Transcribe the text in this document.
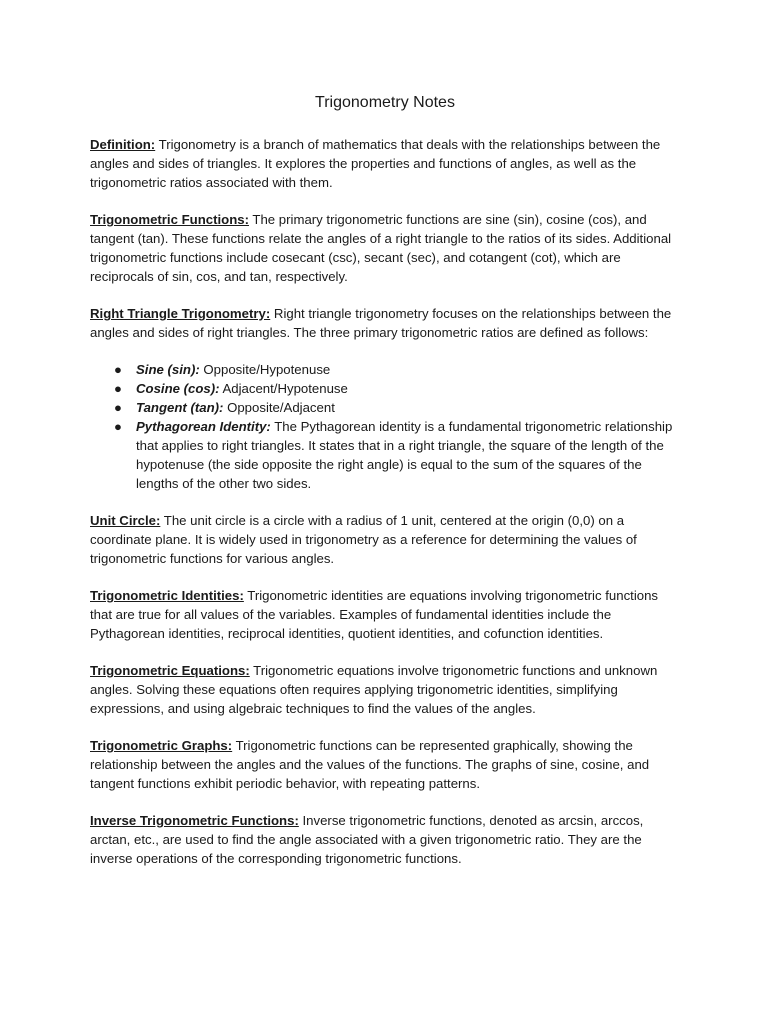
Trigonometry Notes

Definition: Trigonometry is a branch of mathematics that deals with the relationships between the angles and sides of triangles. It explores the properties and functions of angles, as well as the trigonometric ratios associated with them.

Trigonometric Functions: The primary trigonometric functions are sine (sin), cosine (cos), and tangent (tan). These functions relate the angles of a right triangle to the ratios of its sides. Additional trigonometric functions include cosecant (csc), secant (sec), and cotangent (cot), which are reciprocals of sin, cos, and tan, respectively.

Right Triangle Trigonometry: Right triangle trigonometry focuses on the relationships between the angles and sides of right triangles. The three primary trigonometric ratios are defined as follows:

● Sine (sin): Opposite/Hypotenuse
● Cosine (cos): Adjacent/Hypotenuse
● Tangent (tan): Opposite/Adjacent
● Pythagorean Identity: The Pythagorean identity is a fundamental trigonometric relationship that applies to right triangles. It states that in a right triangle, the square of the length of the hypotenuse (the side opposite the right angle) is equal to the sum of the squares of the lengths of the other two sides.

Unit Circle: The unit circle is a circle with a radius of 1 unit, centered at the origin (0,0) on a coordinate plane. It is widely used in trigonometry as a reference for determining the values of trigonometric functions for various angles.

Trigonometric Identities: Trigonometric identities are equations involving trigonometric functions that are true for all values of the variables. Examples of fundamental identities include the Pythagorean identities, reciprocal identities, quotient identities, and cofunction identities.

Trigonometric Equations: Trigonometric equations involve trigonometric functions and unknown angles. Solving these equations often requires applying trigonometric identities, simplifying expressions, and using algebraic techniques to find the values of the angles.

Trigonometric Graphs: Trigonometric functions can be represented graphically, showing the relationship between the angles and the values of the functions. The graphs of sine, cosine, and tangent functions exhibit periodic behavior, with repeating patterns.

Inverse Trigonometric Functions: Inverse trigonometric functions, denoted as arcsin, arccos, arctan, etc., are used to find the angle associated with a given trigonometric ratio. They are the inverse operations of the corresponding trigonometric functions.
